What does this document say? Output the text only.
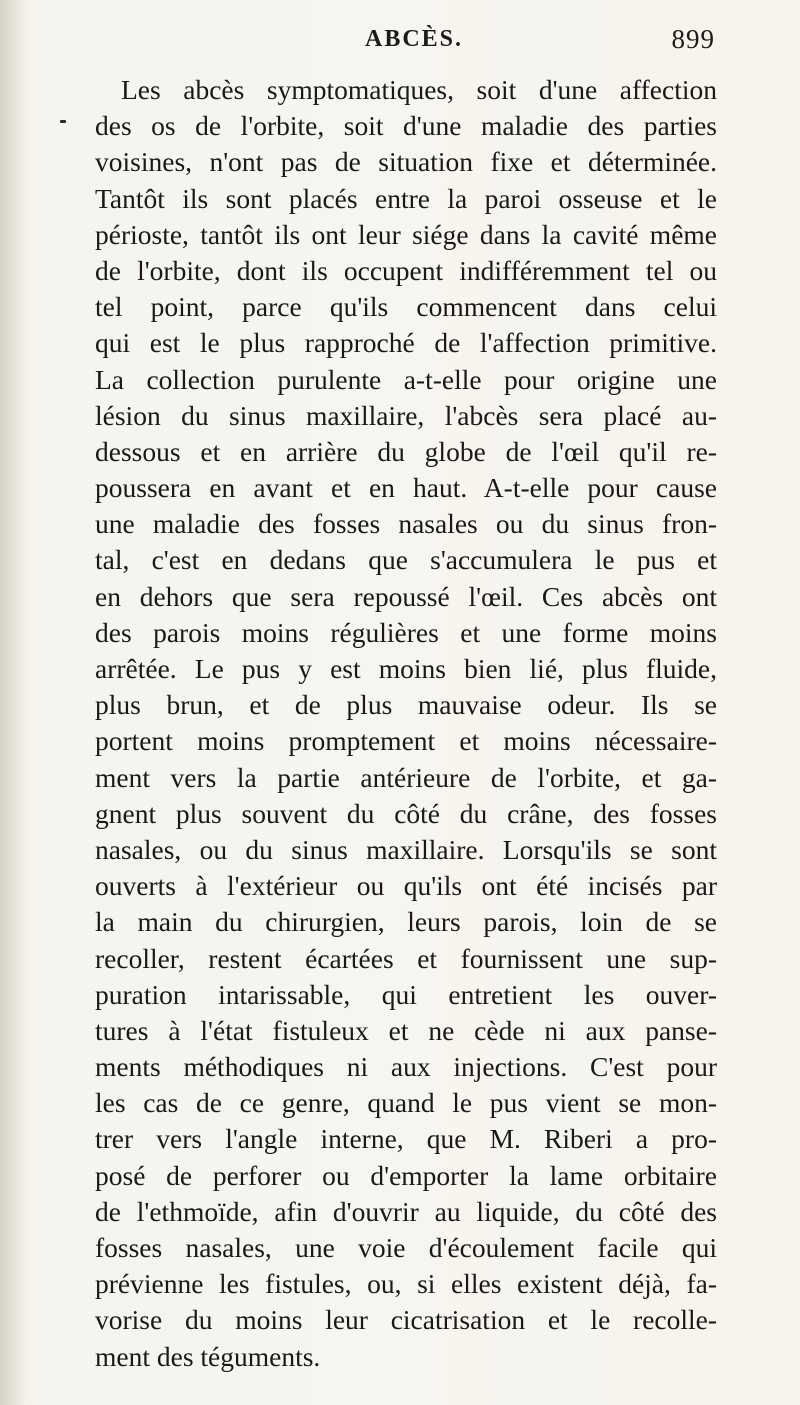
ABCÈS.	899
Les abcès symptomatiques, soit d'une affection
des os de l'orbite, soit d'une maladie des parties
voisines, n'ont pas de situation fixe et déterminée.
Tantôt ils sont placés entre la paroi osseuse et le
périoste, tantôt ils ont leur siége dans la cavité même
de l'orbite, dont ils occupent indifféremment tel ou
tel point, parce qu'ils commencent dans celui
qui est le plus rapproché de l'affection primitive.
La collection purulente a-t-elle pour origine une
lésion du sinus maxillaire, l'abcès sera placé au-
dessous et en arrière du globe de l'œil qu'il re-
poussera en avant et en haut. A-t-elle pour cause
une maladie des fosses nasales ou du sinus fron-
tal, c'est en dedans que s'accumulera le pus et
en dehors que sera repoussé l'œil. Ces abcès ont
des parois moins régulières et une forme moins
arrêtée. Le pus y est moins bien lié, plus fluide,
plus brun, et de plus mauvaise odeur. Ils se
portent moins promptement et moins nécessaire-
ment vers la partie antérieure de l'orbite, et ga-
gnent plus souvent du côté du crâne, des fosses
nasales, ou du sinus maxillaire. Lorsqu'ils se sont
ouverts à l'extérieur ou qu'ils ont été incisés par
la main du chirurgien, leurs parois, loin de se
recoller, restent écartées et fournissent une sup-
puration intarissable, qui entretient les ouver-
tures à l'état fistuleux et ne cède ni aux panse-
ments méthodiques ni aux injections. C'est pour
les cas de ce genre, quand le pus vient se mon-
trer vers l'angle interne, que M. Riberi a pro-
posé de perforer ou d'emporter la lame orbitaire
de l'ethmoïde, afin d'ouvrir au liquide, du côté des
fosses nasales, une voie d'écoulement facile qui
prévienne les fistules, ou, si elles existent déjà, fa-
vorise du moins leur cicatrisation et le recolle-
ment des téguments.
